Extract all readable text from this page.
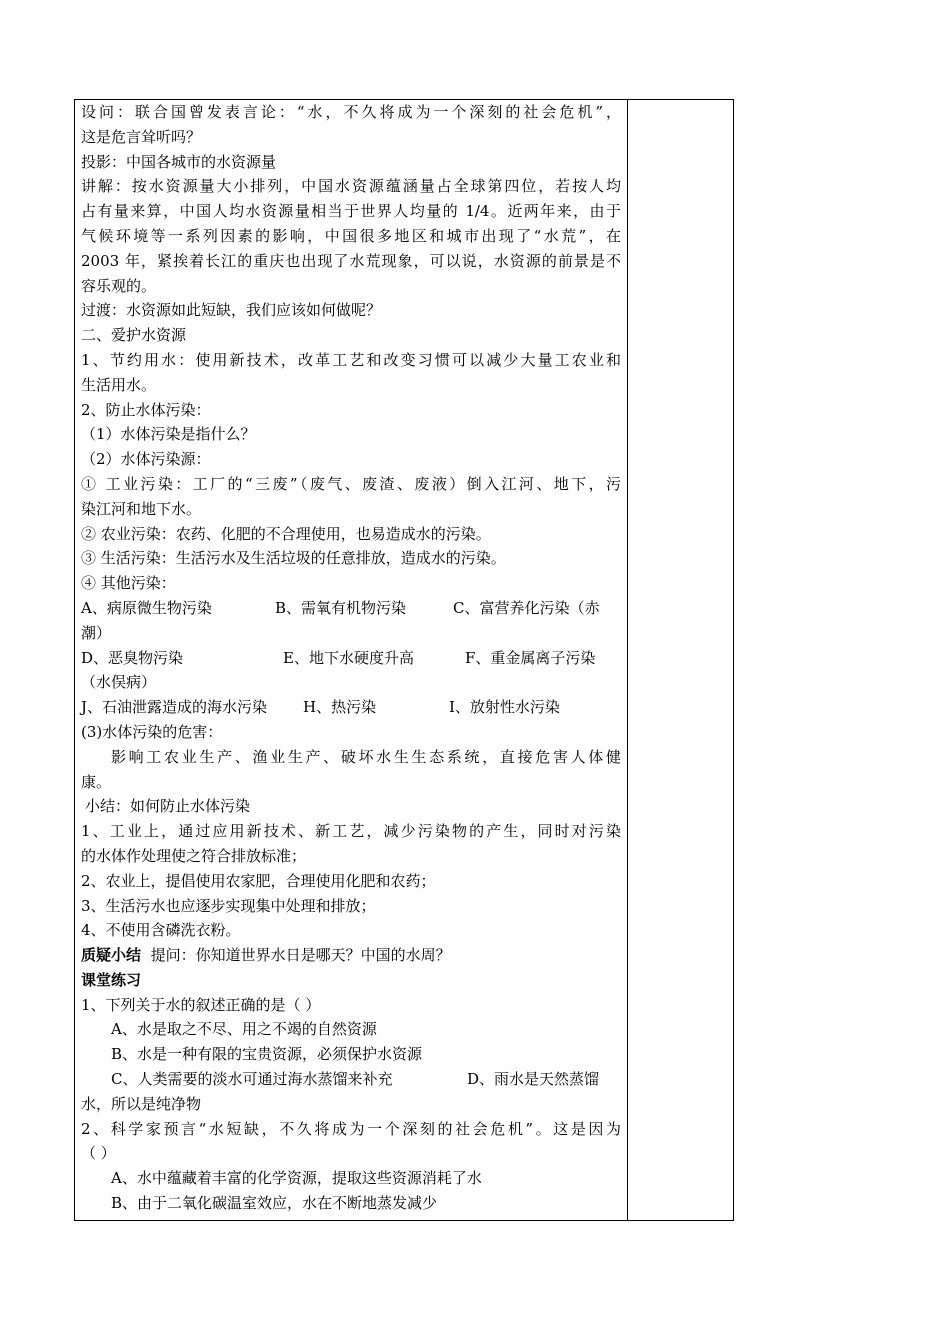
设问：联合国曾发表言论：“水，不久将成为一个深刻的社会危机”，
这是危言耸听吗？
投影：中国各城市的水资源量
讲解：按水资源量大小排列，中国水资源蕴涵量占全球第四位，若按人均
占有量来算，中国人均水资源量相当于世界人均量的 1/4。近两年来，由于
气候环境等一系列因素的影响，中国很多地区和城市出现了“水荒”，在
2003 年，紧挨着长江的重庆也出现了水荒现象，可以说，水资源的前景是不
容乐观的。
过渡：水资源如此短缺，我们应该如何做呢？
二、爱护水资源
1、节约用水：使用新技术，改革工艺和改变习惯可以减少大量工农业和
生活用水。
2、防止水体污染：
（1）水体污染是指什么？
（2）水体污染源：
① 工业污染：工厂的“三废”（废气、废渣、废液）倒入江河、地下，污
染江河和地下水。
② 农业污染：农药、化肥的不合理使用，也易造成水的污染。
③ 生活污染：生活污水及生活垃圾的任意排放，造成水的污染。
④ 其他污染：
A、病原微生物污染	B、需氧有机物污染	C、富营养化污染（赤
潮）
D、恶臭物污染	E、地下水硬度升高	F、重金属离子污染
（水俣病）
J、石油泄露造成的海水污染 H、热污染	I、放射性水污染
(3)水体污染的危害：
影响工农业生产、渔业生产、破坏水生生态系统，直接危害人体健
康。
小结：如何防止水体污染
1、工业上，通过应用新技术、新工艺，减少污染物的产生，同时对污染
的水体作处理使之符合排放标准；
2、农业上，提倡使用农家肥，合理使用化肥和农药；
3、生活污水也应逐步实现集中处理和排放；
4、不使用含磷洗衣粉。
质疑小结 提问：你知道世界水日是哪天？中国的水周？
课堂练习
1、下列关于水的叙述正确的是（ ）
A、水是取之不尽、用之不竭的自然资源
B、水是一种有限的宝贵资源，必须保护水资源
C、人类需要的淡水可通过海水蒸馏来补充	D、雨水是天然蒸馏
水，所以是纯净物
2、科学家预言“水短缺，不久将成为一个深刻的社会危机”。这是因为
（ ）
A、水中蕴藏着丰富的化学资源，提取这些资源消耗了水
B、由于二氧化碳温室效应，水在不断地蒸发减少
